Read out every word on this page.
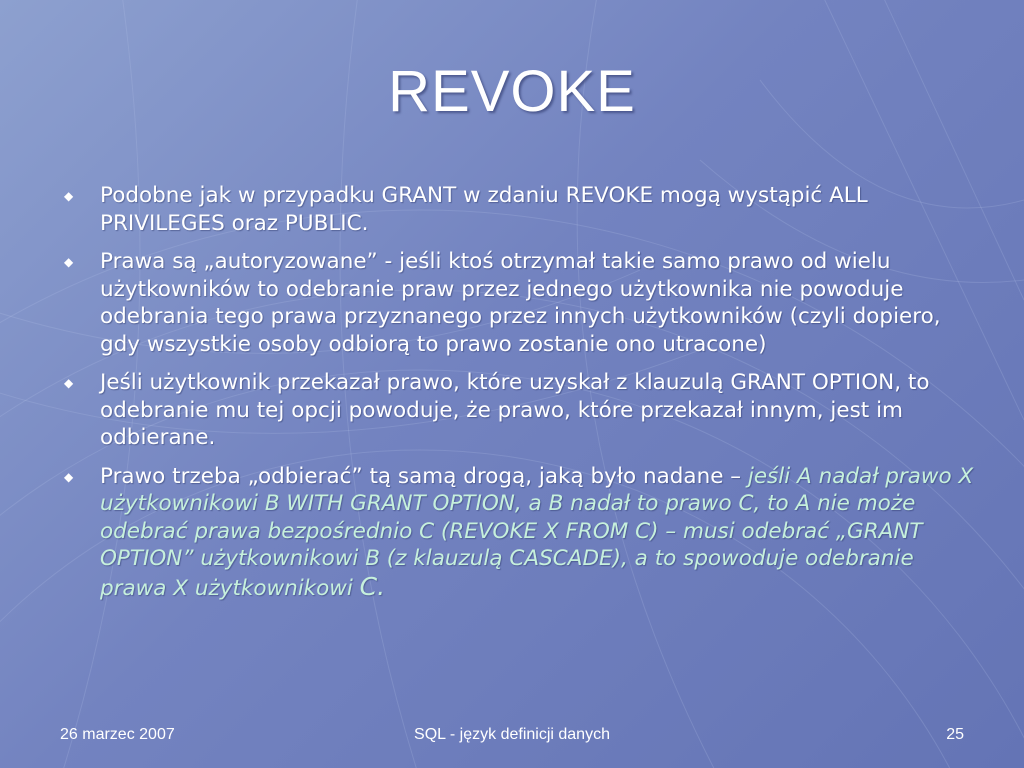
REVOKE
◆ Podobne jak w przypadku GRANT w zdaniu REVOKE mogą wystąpić ALL PRIVILEGES oraz PUBLIC.
◆ Prawa są „autoryzowane” - jeśli ktoś otrzymał takie samo prawo od wielu użytkowników to odebranie praw przez jednego użytkownika nie powoduje odebrania tego prawa przyznanego przez innych użytkowników (czyli dopiero, gdy wszystkie osoby odbiorą to prawo zostanie ono utracone)
◆ Jeśli użytkownik przekazał prawo, które uzyskał z klauzulą GRANT OPTION, to odebranie mu tej opcji powoduje, że prawo, które przekazał innym, jest im odbierane.
◆ Prawo trzeba „odbierać” tą samą drogą, jaką było nadane – jeśli A nadał prawo X użytkownikowi B WITH GRANT OPTION, a B nadał to prawo C, to A nie może odebrać prawa bezpośrednio C (REVOKE X FROM C) – musi odebrać „GRANT OPTION” użytkownikowi B (z klauzulą CASCADE), a to spowoduje odebranie prawa X użytkownikowi C.
26 marzec 2007	SQL - język definicji danych	25
